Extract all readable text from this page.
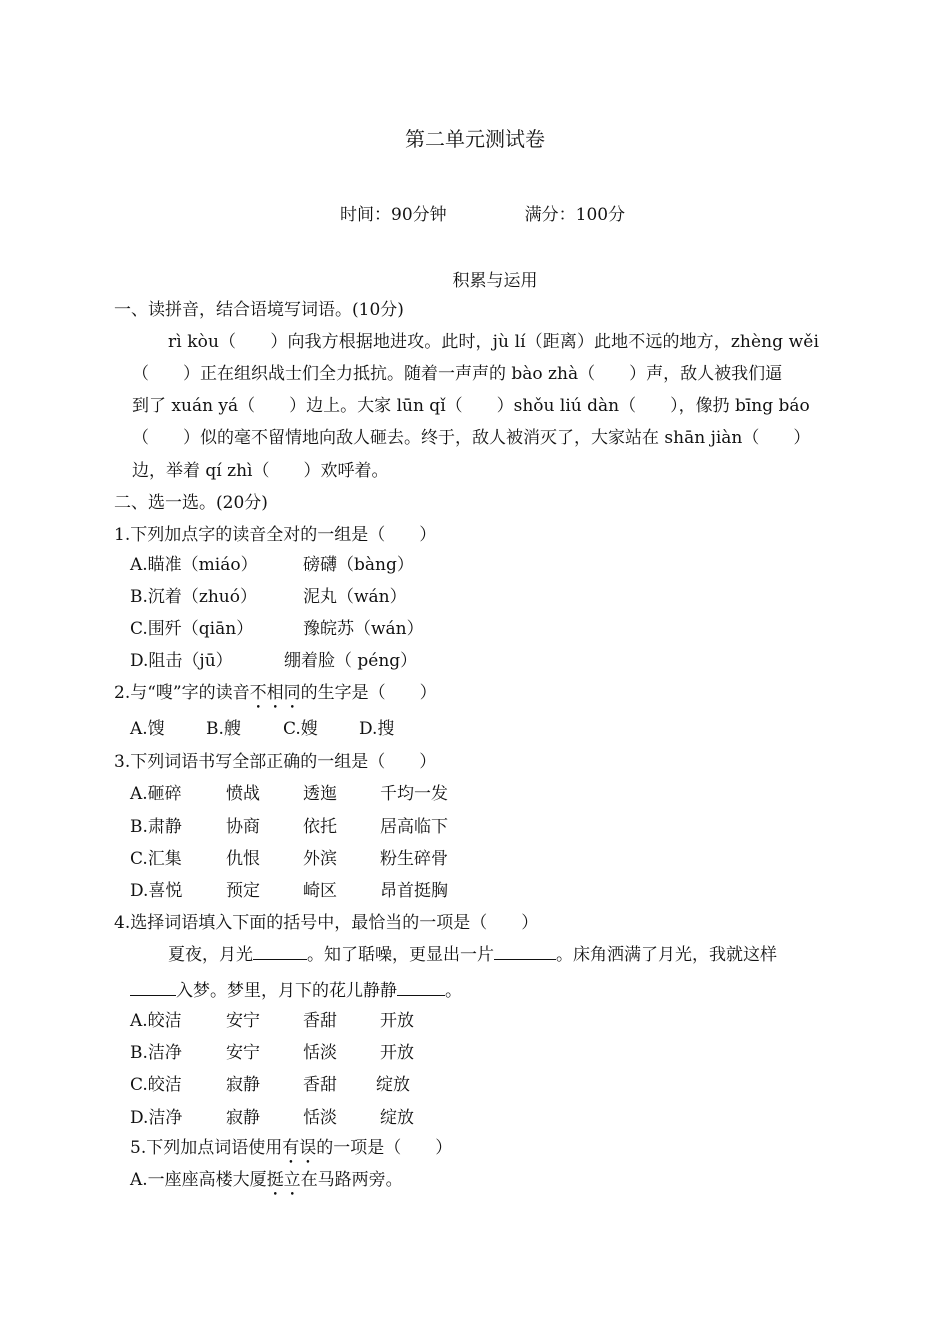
第二单元测试卷
时间：90分钟	满分：100分
积累与运用
一、读拼音，结合语境写词语。(10分)
rì kòu（　　）向我方根据地进攻。此时，jù lí（距离）此地不远的地方，zhèng wěi
（　　）正在组织战士们全力抵抗。随着一声声的 bào zhà（　　）声，敌人被我们逼
到了 xuán yá（　　）边上。大家 lūn qǐ（　　）shǒu liú dàn（　　），像扔 bīng báo
（　　）似的毫不留情地向敌人砸去。终于，敌人被消灭了，大家站在 shān jiàn（　　）
边，举着 qí zhì（　　）欢呼着。
二、选一选。(20分)
1.下列加点字的读音全对的一组是（　　）
A.瞄准（miáo）	磅礴（bàng）
B.沉着（zhuó）	泥丸（wán）
C.围歼（qiān）	豫皖苏（wán）
D.阻击（jū）	绷着脸（ péng）
2.与“嗖”字的读音不相同的生字是（　　）
A.馊 B.艘 C.嫂 D.搜
3.下列词语书写全部正确的一组是（　　）
A.砸碎	愤战	透迤	千均一发
B.肃静	协商	依托	居高临下
C.汇集	仇恨	外滨	粉生碎骨
D.喜悦	预定	崎区	昂首挺胸
4.选择词语填入下面的括号中，最恰当的一项是（　　）
夏夜，月光	。知了聒噪，更显出一片	。床角洒满了月光，我就这样
入梦。梦里，月下的花儿静静	。
A.皎洁	安宁	香甜	开放
B.洁净	安宁	恬淡	开放
C.皎洁	寂静	香甜 绽放
D.洁净	寂静	恬淡	绽放
5.下列加点词语使用有误的一项是（　　）
A.一座座高楼大厦挺立在马路两旁。
